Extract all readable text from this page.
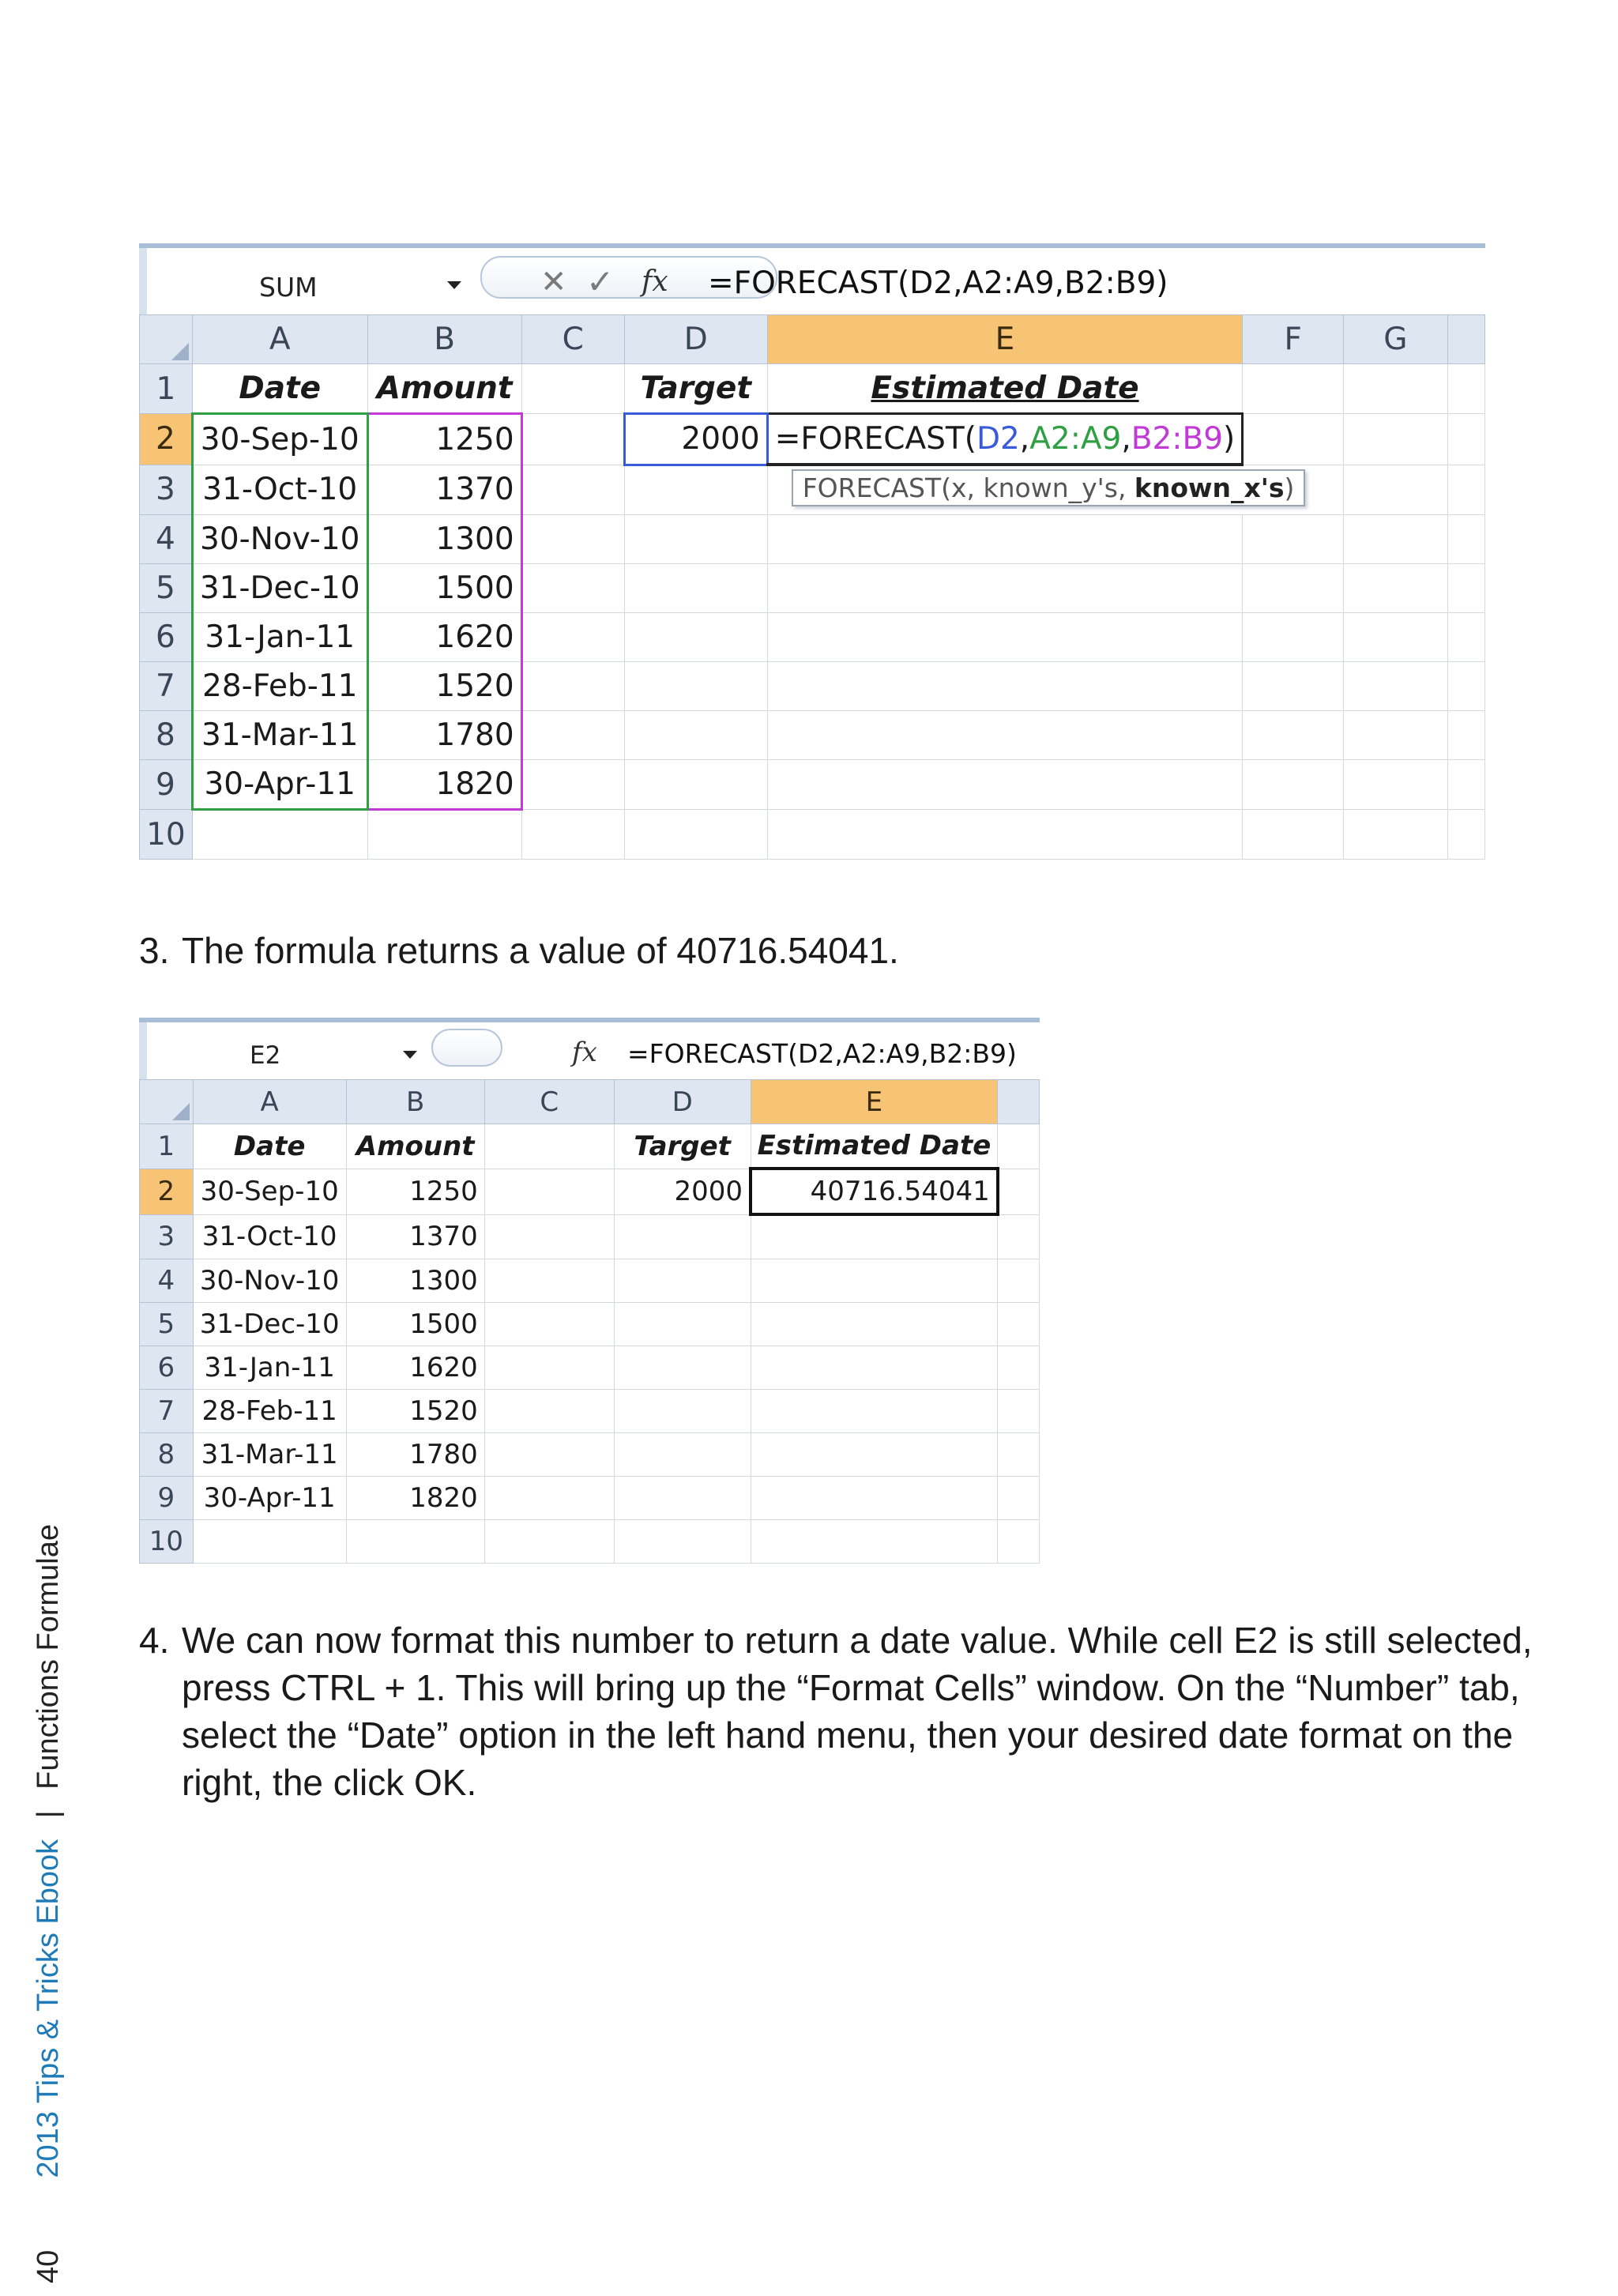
SUM	✕ ✓ fx =FORECAST(D2,A2:A9,B2:B9)
	A	B	C	D	E	F	G	
1	Date	Amount		Target	Estimated Date			
2	30-Sep-10	1250		2000	=FORECAST(D2,A2:A9,B2:B9)			
3	31-Oct-10	1370			FORECAST(x, known_y's, known_x's)			

4	30-Nov-10	1300						
5	31-Dec-10	1500						
6	31-Jan-11	1620						
7	28-Feb-11	1520						
8	31-Mar-11	1780						
9	30-Apr-11	1820						
10								
3. The formula returns a value of 40716.54041.
E2	fx =FORECAST(D2,A2:A9,B2:B9)
	A	B	C	D	E	
1	Date	Amount		Target	Estimated Date	
2	30-Sep-10	1250		2000	40716.54041	
3	31-Oct-10	1370				
4	30-Nov-10	1300				
5	31-Dec-10	1500				
6	31-Jan-11	1620				
7	28-Feb-11	1520				
8	31-Mar-11	1780				
9	30-Apr-11	1820				
10						
4. We can now format this number to return a date value. While cell E2 is still selected, press CTRL + 1. This will bring up the “Format Cells” window. On the “Number” tab, select the “Date” option in the left hand menu, then your desired date format on the right, the click OK.
40  2013 Tips & Tricks Ebook | Functions Formulae
